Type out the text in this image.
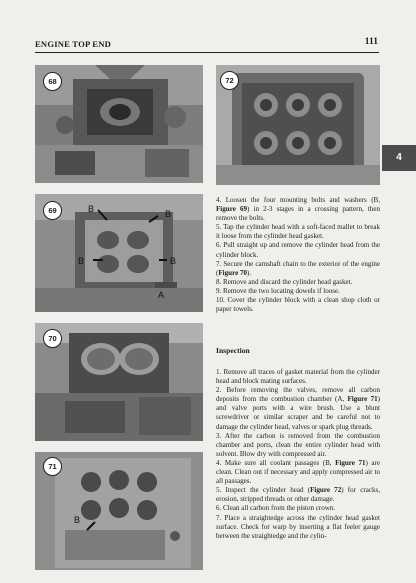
ENGINE TOP END	111
4
68	72
69	B	B
B	B
A
70
71
B

4. Loosen the four mounting bolts and washers (B, Figure 69) in 2-3 stages in a crossing pattern, then remove the bolts.

5. Tap the cylinder head with a soft-faced mallet to break it loose from the cylinder head gasket.

6. Pull straight up and remove the cylinder head from the cylinder block.

7. Secure the camshaft chain to the exterior of the engine (Figure 70).

8. Remove and discard the cylinder head gasket.

9. Remove the two locating dowels if loose.

10. Cover the cylinder block with a clean shop cloth or paper towels.

Inspection

1. Remove all traces of gasket material from the cylinder head and block mating surfaces.

2. Before removing the valves, remove all carbon deposits from the combustion chamber (A, Figure 71) and valve ports with a wire brush. Use a blunt screwdriver or similar scraper and be careful not to damage the cylinder head, valves or spark plug threads.

3. After the carbon is removed from the combustion chamber and ports, clean the entire cylinder head with solvent. Blow dry with compressed air.

4. Make sure all coolant passages (B, Figure 71) are clean. Clean out if necessary and apply compressed air to all passages.

5. Inspect the cylinder head (Figure 72) for cracks, erosion, stripped threads or other damage.

6. Clean all carbon from the piston crown.

7. Place a straightedge across the cylinder head gasket surface. Check for warp by inserting a flat feeler gauge between the straightedge and the cylin-
